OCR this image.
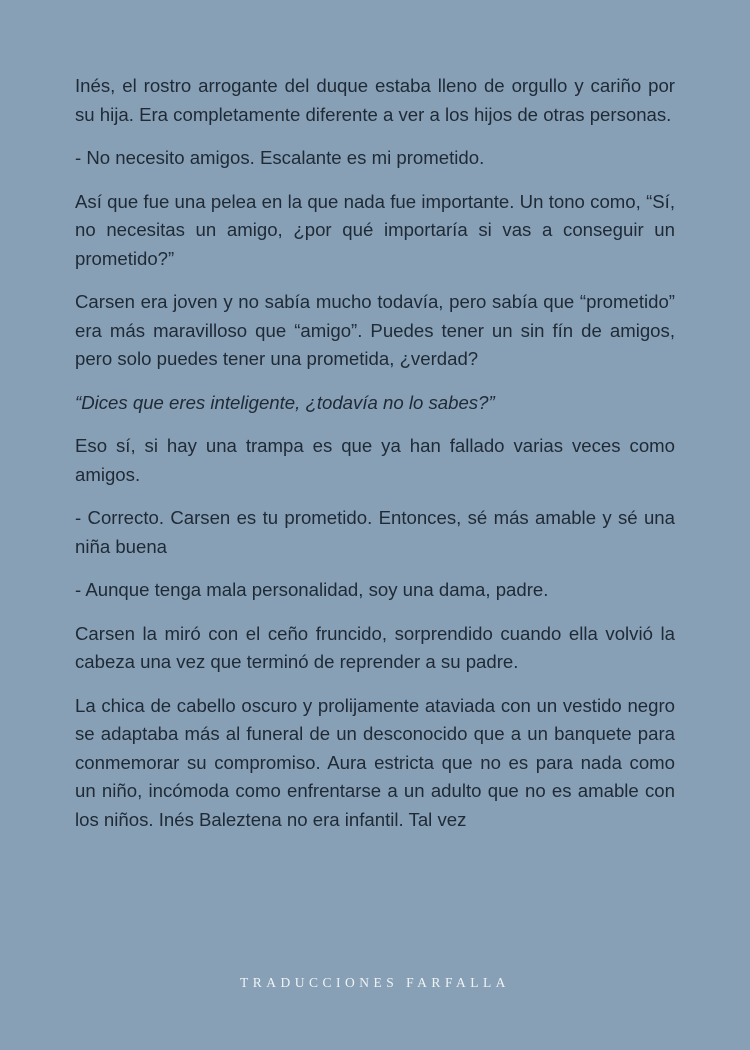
Inés, el rostro arrogante del duque estaba lleno de orgullo y cariño por su hija. Era completamente diferente a ver a los hijos de otras personas.

- No necesito amigos. Escalante es mi prometido.

Así que fue una pelea en la que nada fue importante. Un tono como, “Sí, no necesitas un amigo, ¿por qué importaría si vas a conseguir un prometido?”

Carsen era joven y no sabía mucho todavía, pero sabía que “prometido” era más maravilloso que “amigo”. Puedes tener un sin fín de amigos, pero solo puedes tener una prometida, ¿verdad?

“Dices que eres inteligente, ¿todavía no lo sabes?”

Eso sí, si hay una trampa es que ya han fallado varias veces como amigos.

- Correcto. Carsen es tu prometido. Entonces, sé más amable y sé una niña buena

- Aunque tenga mala personalidad, soy una dama, padre.

Carsen la miró con el ceño fruncido, sorprendido cuando ella volvió la cabeza una vez que terminó de reprender a su padre.

La chica de cabello oscuro y prolijamente ataviada con un vestido negro se adaptaba más al funeral de un desconocido que a un banquete para conmemorar su compromiso. Aura estricta que no es para nada como un niño, incómoda como enfrentarse a un adulto que no es amable con los niños. Inés Baleztena no era infantil. Tal vez

TRADUCCIONES FARFALLA
